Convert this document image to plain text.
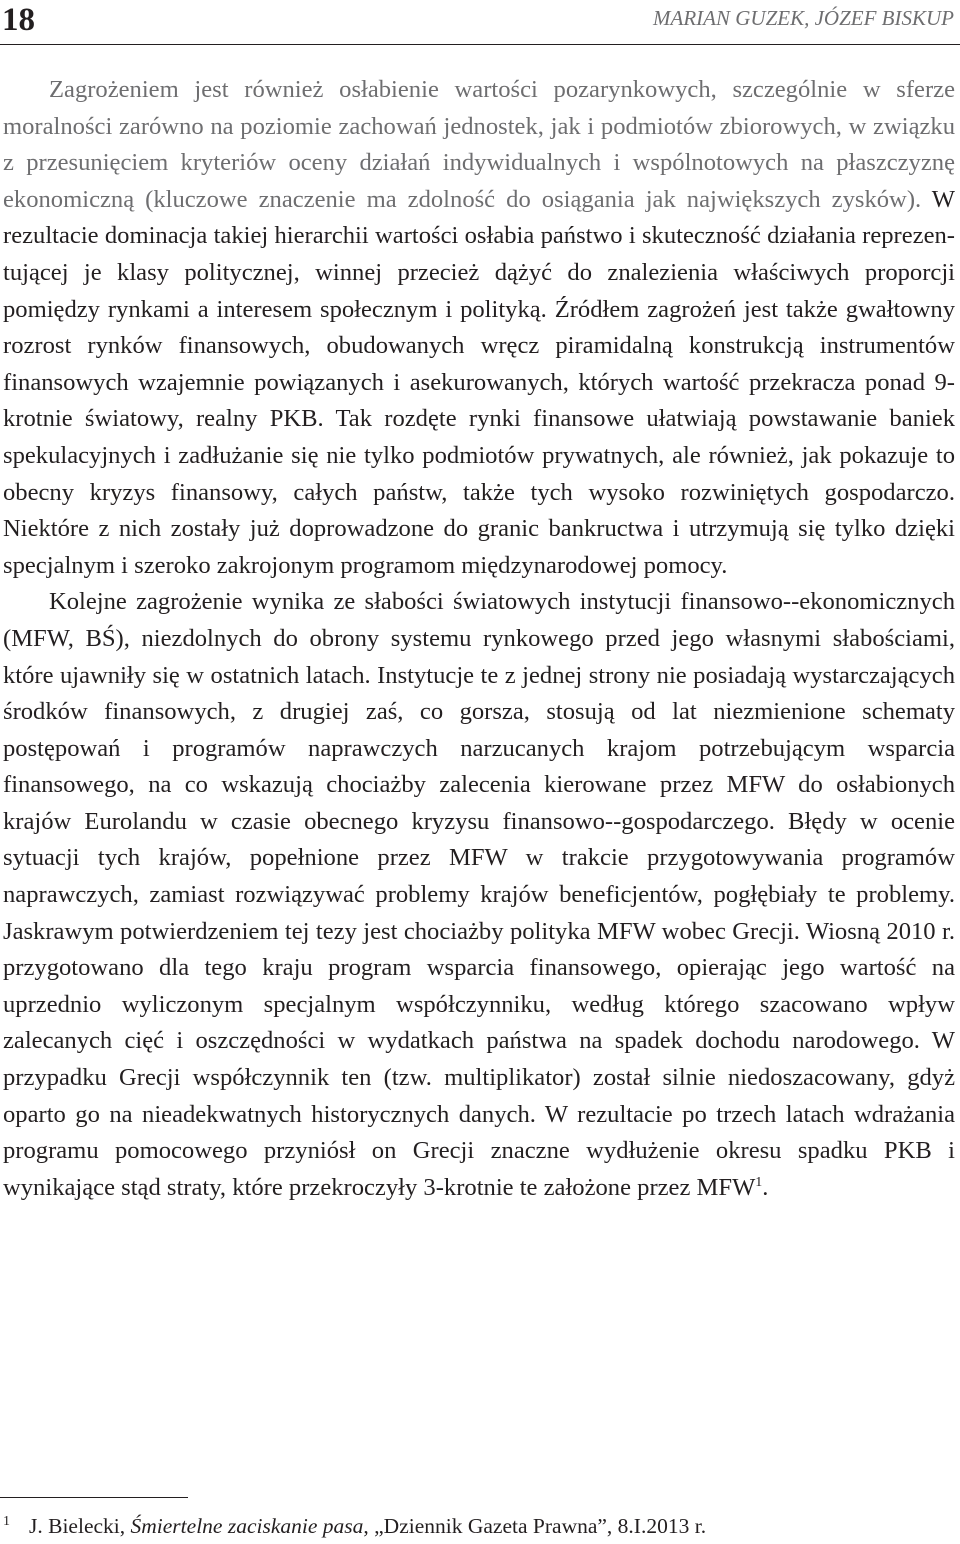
18	MARIAN GUZEK, JÓZEF BISKUP

Zagrożeniem jest również osłabienie wartości pozarynkowych, szczególnie w sferze moralności zarówno na poziomie zachowań jednostek, jak i podmiotów zbiorowych, w związku z przesunięciem kryteriów oceny działań indywidualnych i wspólnotowych na płaszczyznę ekonomiczną (kluczowe znaczenie ma zdolność do osiągania jak największych zysków). W rezultacie dominacja takiej hierarchii wartości osłabia państwo i skuteczność działania reprezentującej je klasy politycznej, winnej przecież dążyć do znalezienia właściwych proporcji pomiędzy rynkami a interesem społecznym i polityką. Źródłem zagrożeń jest także gwałtowny rozrost rynków finansowych, obudowanych wręcz piramidalną konstrukcją instrumentów finansowych wzajemnie powiązanych i asekurowanych, których wartość przekracza ponad 9-krotnie światowy, realny PKB. Tak rozdęte rynki finansowe ułatwiają powstawanie baniek spekulacyjnych i zadłużanie się nie tylko podmiotów prywatnych, ale również, jak pokazuje to obecny kryzys finansowy, całych państw, także tych wysoko rozwiniętych gospodarczo. Niektóre z nich zostały już doprowadzone do granic bankructwa i utrzymują się tylko dzięki specjalnym i szeroko zakrojonym programom międzynarodowej pomocy.

Kolejne zagrożenie wynika ze słabości światowych instytucji finansowo-​-ekonomicznych (MFW, BŚ), niezdolnych do obrony systemu rynkowego przed jego własnymi słabościami, które ujawniły się w ostatnich latach. Instytucje te z jednej strony nie posiadają wystarczających środków finansowych, z drugiej zaś, co gorsza, stosują od lat niezmienione schematy postępowań i programów naprawczych narzucanych krajom potrzebującym wsparcia finansowego, na co wskazują chociażby zalecenia kierowane przez MFW do osłabionych krajów Eurolandu w czasie obecnego kryzysu finansowo-​-gospodarczego. Błędy w ocenie sytuacji tych krajów, popełnione przez MFW w trakcie przygotowywania programów naprawczych, zamiast rozwiązywać problemy krajów beneficjentów, pogłębiały te problemy. Jaskrawym potwierdzeniem tej tezy jest chociażby polityka MFW wobec Grecji. Wiosną 2010 r. przygotowano dla tego kraju program wsparcia finansowego, opierając jego wartość na uprzednio wyliczonym specjalnym współczynniku, według którego szacowano wpływ zalecanych cięć i oszczędności w wydatkach państwa na spadek dochodu narodowego. W przypadku Grecji współczynnik ten (tzw. multiplikator) został silnie niedoszacowany, gdyż oparto go na nieadekwatnych historycznych danych. W rezultacie po trzech latach wdrażania programu pomocowego przyniósł on Grecji znaczne wydłużenie okresu spadku PKB i wynikające stąd straty, które przekroczyły 3-krotnie te założone przez MFW$^1$.

1 J. Bielecki, Śmiertelne zaciskanie pasa, „Dziennik Gazeta Prawna”, 8.I.2013 r.
